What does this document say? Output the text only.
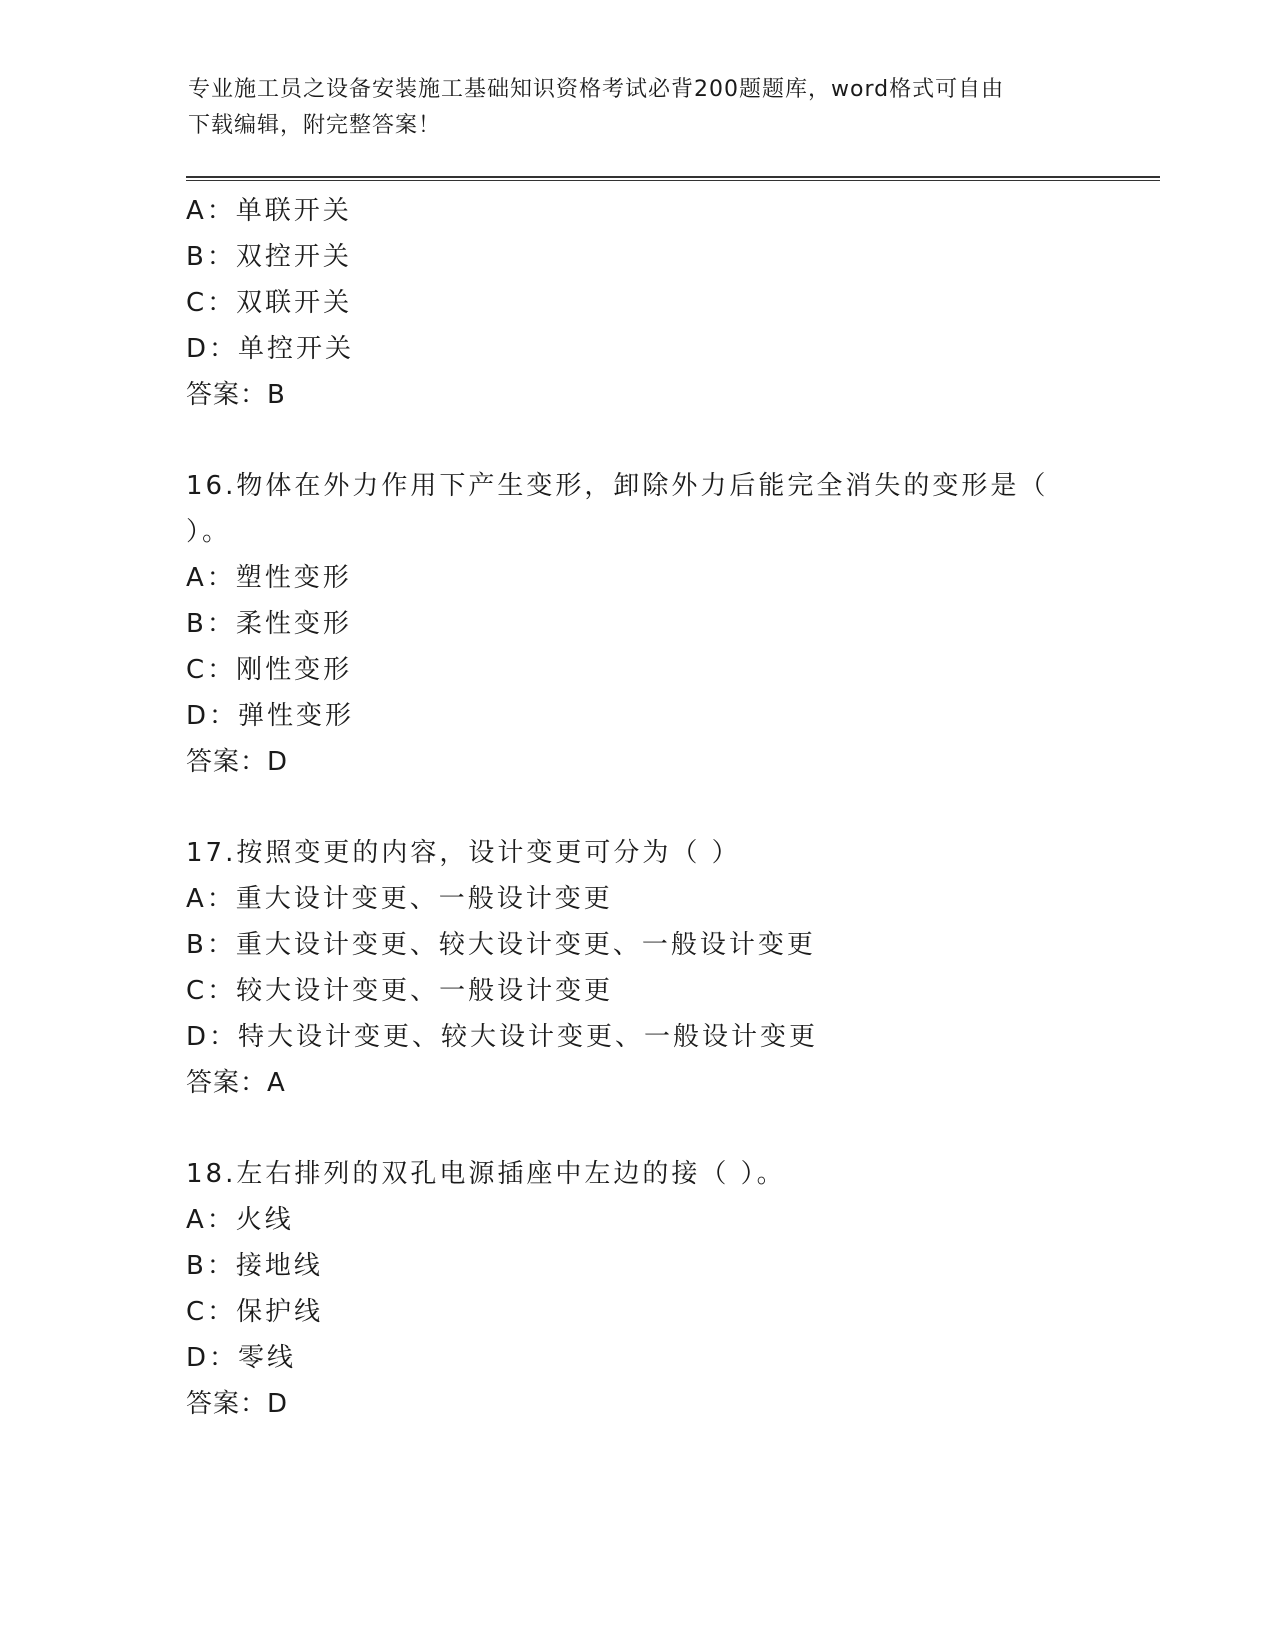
专业施工员之设备安装施工基础知识资格考试必背200题题库，word格式可自由
下载编辑，附完整答案！
A：单联开关
B：双控开关
C：双联开关
D：单控开关
答案：B
16.物体在外力作用下产生变形，卸除外力后能完全消失的变形是（
）。
A：塑性变形
B：柔性变形
C：刚性变形
D：弹性变形
答案：D
17.按照变更的内容，设计变更可分为（ ）
A：重大设计变更、一般设计变更
B：重大设计变更、较大设计变更、一般设计变更
C：较大设计变更、一般设计变更
D：特大设计变更、较大设计变更、一般设计变更
答案：A
18.左右排列的双孔电源插座中左边的接（ ）。
A：火线
B：接地线
C：保护线
D：零线
答案：D
